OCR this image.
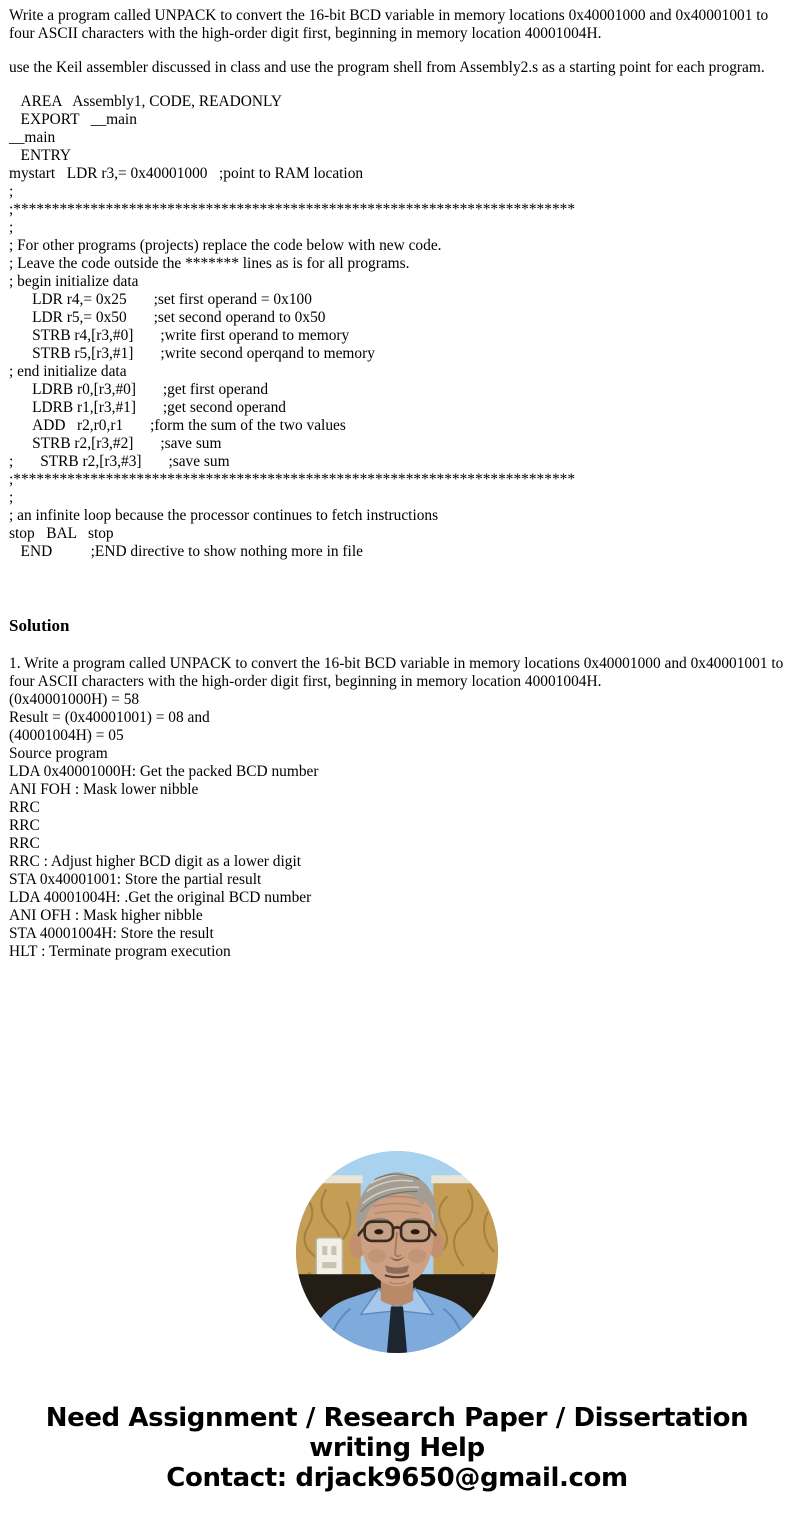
Write a program called UNPACK to convert the 16-bit BCD variable in memory locations 0x40001000 and 0x40001001 to four ASCII characters with the high-order digit first, beginning in memory location 40001004H.

use the Keil assembler discussed in class and use the program shell from Assembly2.s as a starting point for each program.

AREA   Assembly1, CODE, READONLY
EXPORT   __main
__main
ENTRY
mystart   LDR r3,= 0x40001000   ;point to RAM location
;
;*************************************************************************
;
; For other programs (projects) replace the code below with new code.
; Leave the code outside the ******* lines as is for all programs.
; begin initialize data
LDR r4,= 0x25       ;set first operand = 0x100
LDR r5,= 0x50       ;set second operand to 0x50
STRB r4,[r3,#0]       ;write first operand to memory
STRB r5,[r3,#1]       ;write second operqand to memory
; end initialize data
LDRB r0,[r3,#0]       ;get first operand
LDRB r1,[r3,#1]       ;get second operand
ADD   r2,r0,r1       ;form the sum of the two values
STRB r2,[r3,#2]       ;save sum
;       STRB r2,[r3,#3]       ;save sum
;*************************************************************************
;
; an infinite loop because the processor continues to fetch instructions
stop   BAL   stop
END          ;END directive to show nothing more in file
Solution

1. Write a program called UNPACK to convert the 16-bit BCD variable in memory locations 0x40001000 and 0x40001001 to four ASCII characters with the high-order digit first, beginning in memory location 40001004H.

(0x40001000H) = 58
Result = (0x40001001) = 08 and
(40001004H) = 05
Source program
LDA 0x40001000H: Get the packed BCD number
ANI FOH : Mask lower nibble
RRC
RRC
RRC
RRC : Adjust higher BCD digit as a lower digit
STA 0x40001001: Store the partial result
LDA 40001004H: .Get the original BCD number
ANI OFH : Mask higher nibble
STA 40001004H: Store the result
HLT : Terminate program execution
Need Assignment / Research Paper / Dissertation writing Help
Contact: drjack9650@gmail.com
